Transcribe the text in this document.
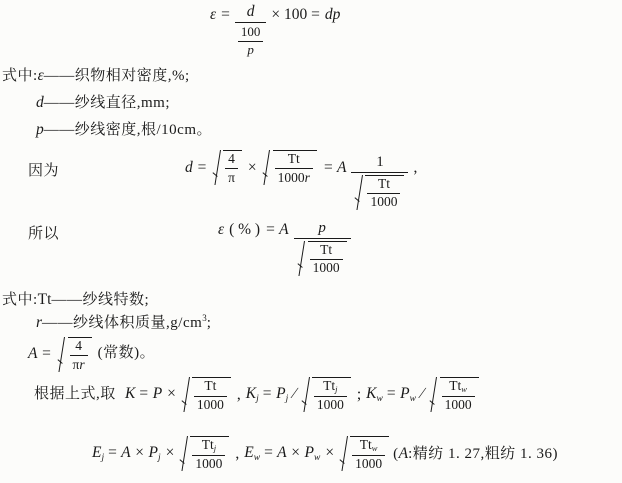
$\varepsilon = \frac{d}{\frac{100}{p}} \times 100$ = dp
式中:ε——织物相对密度,%;
d——纱线直径,mm;
p——纱线密度,根/10cm。
因为	$d = \frac{4}{\pi} \times \frac{Tt}{1000r} = A \frac{1}{\frac{Tt}{1000}}$ ,
所以	ε ( % ) = A $\frac{p}{\frac{Tt}{1000}}$
式中:Tt——纱线特数;
r——纱线体积质量$,g/cm^3$;
$A = \frac{4}{\pi r}$ (常数)。
根据上式,取 $K = P \times \frac{Tt}{1000}$ , $K_j = P_j$ ∕ $\frac{Tt_j}{1000}$ ; $K_w = P_w$ ∕ $\frac{Tt_w}{1000}$
$E_j = A \times P_j \times \frac{Tt_j}{1000}$ , $E_w = A \times P_w \times \frac{Tt_w}{1000} (A$:精纺 1. 27,粗纺 1. 36)
